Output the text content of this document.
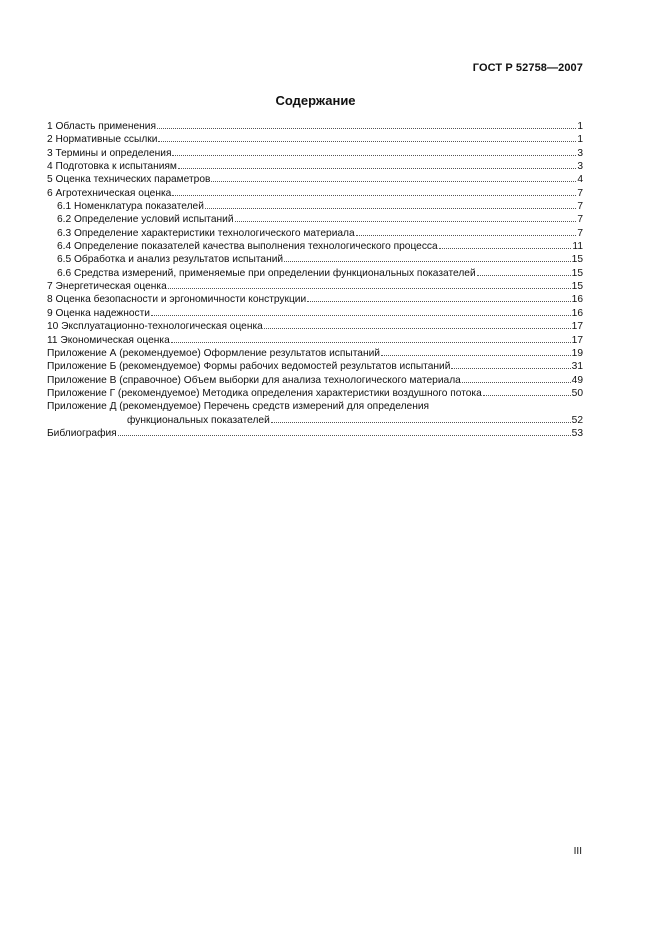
ГОСТ Р 52758—2007
Содержание
1 Область применения	1
2 Нормативные ссылки	1
3 Термины и определения	3
4 Подготовка к испытаниям	3
5 Оценка технических параметров	4
6 Агротехническая оценка	7
6.1 Номенклатура показателей	7
6.2 Определение условий испытаний	7
6.3 Определение характеристики технологического материала	7
6.4 Определение показателей качества выполнения технологического процесса	11
6.5 Обработка и анализ результатов испытаний	15
6.6 Средства измерений, применяемые при определении функциональных показателей	15
7 Энергетическая оценка	15
8 Оценка безопасности и эргономичности конструкции	16
9 Оценка надежности	16
10 Эксплуатационно-технологическая оценка	17
11 Экономическая оценка	17
Приложение А (рекомендуемое) Оформление результатов испытаний	19
Приложение Б (рекомендуемое) Формы рабочих ведомостей результатов испытаний	31
Приложение В (справочное) Объем выборки для анализа технологического материала	49
Приложение Г (рекомендуемое) Методика определения характеристики воздушного потока	50
Приложение Д (рекомендуемое) Перечень средств измерений для определения
функциональных показателей	52
Библиография	53
III
